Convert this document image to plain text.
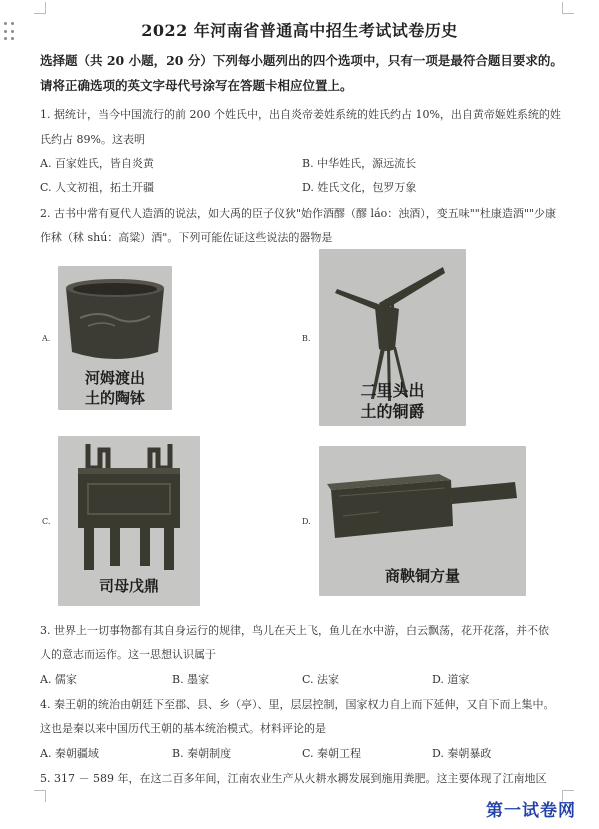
2022 年河南省普通高中招生考试试卷历史
选择题（共 20 小题，20 分）下列每小题列出的四个选项中，只有一项是最符合题目要求的。
请将正确选项的英文字母代号涂写在答题卡相应位置上。
1. 据统计，当今中国流行的前 200 个姓氏中，出自炎帝姜姓系统的姓氏约占 10%，出自黄帝姬姓系统的姓
氏约占 89%。这表明
A. 百家姓氏，皆自炎黄	B. 中华姓氏，源远流长
C. 人文初祖，拓土开疆	D. 姓氏文化，包罗万象
2. 古书中常有夏代人造酒的说法，如大禹的臣子仪狄"始作酒醪（醪 láo：浊酒），变五味""杜康造酒""少康
作秫（秫 shú：高粱）酒"。下列可能佐证这些说法的器物是
A.
河姆渡出
土的陶钵
B.
二里头出
土的铜爵
C.
司母戊鼎
D.
商鞅铜方量
3. 世界上一切事物都有其自身运行的规律，鸟儿在天上飞，鱼儿在水中游，白云飘荡，花开花落，并不依
人的意志而运作。这一思想认识属于
A. 儒家	B. 墨家	C. 法家	D. 道家
4. 秦王朝的统治由朝廷下至郡、县、乡（亭）、里，层层控制，国家权力自上而下延伸，又自下而上集中。
这也是秦以来中国历代王朝的基本统治模式。材料评论的是
A. 秦朝疆域	B. 秦朝制度	C. 秦朝工程	D. 秦朝暴政
5. 317 － 589 年，在这二百多年间，江南农业生产从火耕水耨发展到施用粪肥。这主要体现了江南地区
第一试卷网
